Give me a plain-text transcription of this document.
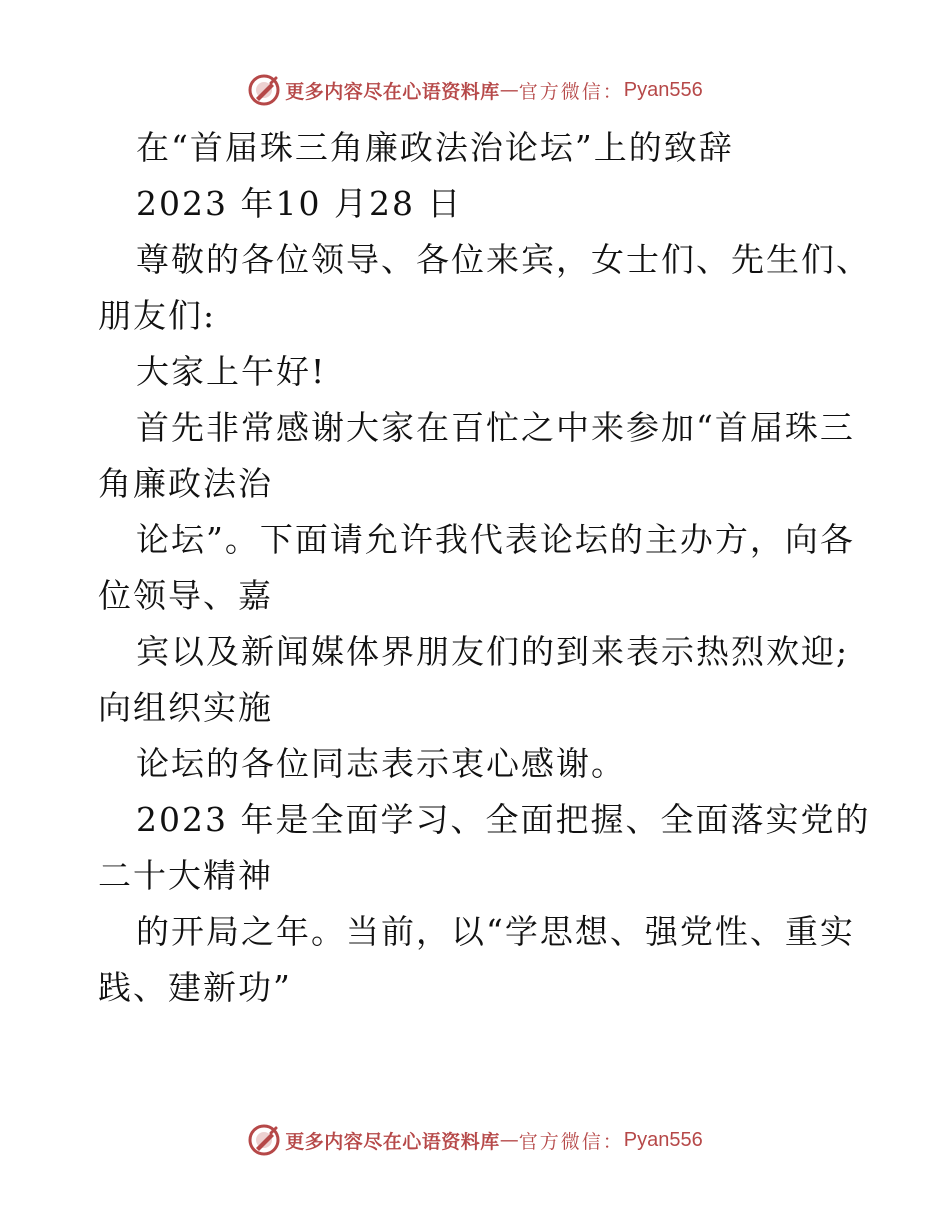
更多内容尽在心语资料库 — 官方微信： Pyan556
在“首届珠三角廉政法治论坛”上的致辞
2023 年10 月28 日
尊敬的各位领导、各位来宾，女士们、先生们、
朋友们:
大家上午好!
首先非常感谢大家在百忙之中来参加“首届珠三
角廉政法治
论坛”。下面请允许我代表论坛的主办方，向各
位领导、嘉
宾以及新闻媒体界朋友们的到来表示热烈欢迎;
向组织实施
论坛的各位同志表示衷心感谢。
2023 年是全面学习、全面把握、全面落实党的
二十大精神
的开局之年。当前，以“学思想、强党性、重实
践、建新功”
更多内容尽在心语资料库 — 官方微信： Pyan556
